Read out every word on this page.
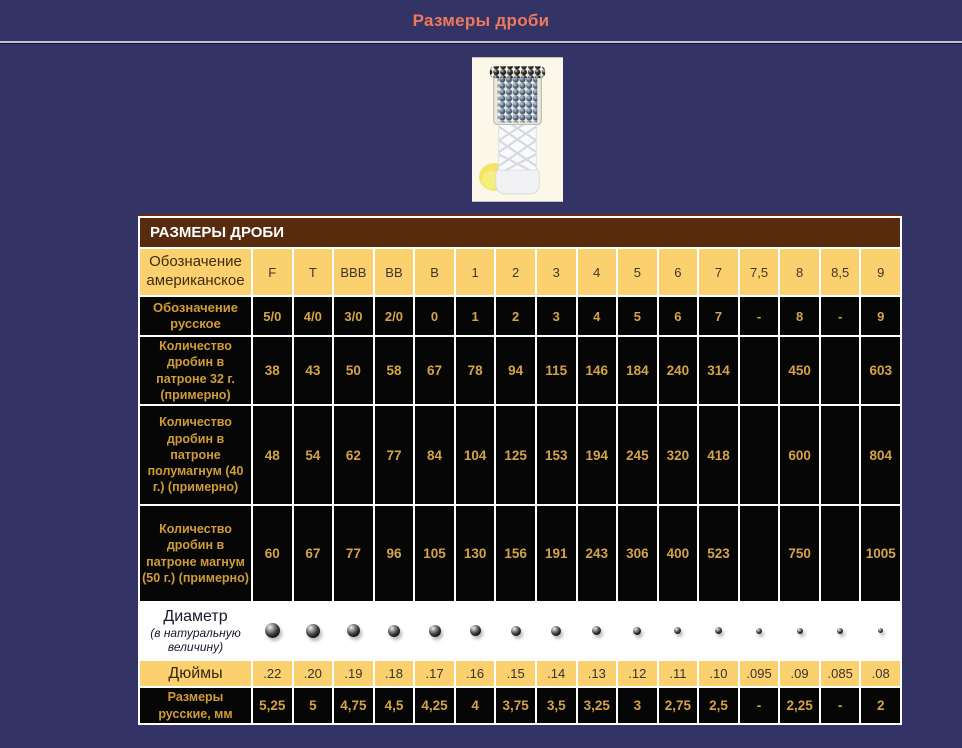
Размеры дроби
РАЗМЕРЫ ДРОБИ																
Обозначение американское	F	T	BBB	BB	B	1	2	3	4	5	6	7	7,5	8	8,5	9
Обозначение русское	5/0	4/0	3/0	2/0	0	1	2	3	4	5	6	7	-	8	-	9
Количество дробин в патроне 32 г. (примерно)	38	43	50	58	67	78	94	115	146	184	240	314		450		603
Количество дробин в патроне полумагнум (40 г.) (примерно)	48	54	62	77	84	104	125	153	194	245	320	418		600		804
Количество дробин в патроне магнум (50 г.) (примерно)	60	67	77	96	105	130	156	191	243	306	400	523		750		1005

Диаметр
(в натуральную величину)																

Дюймы	.22	.20	.19	.18	.17	.16	.15	.14	.13	.12	.11	.10	.095	.09	.085	.08
Размеры русские, мм	5,25	5	4,75	4,5	4,25	4	3,75	3,5	3,25	3	2,75	2,5	-	2,25	-	2
